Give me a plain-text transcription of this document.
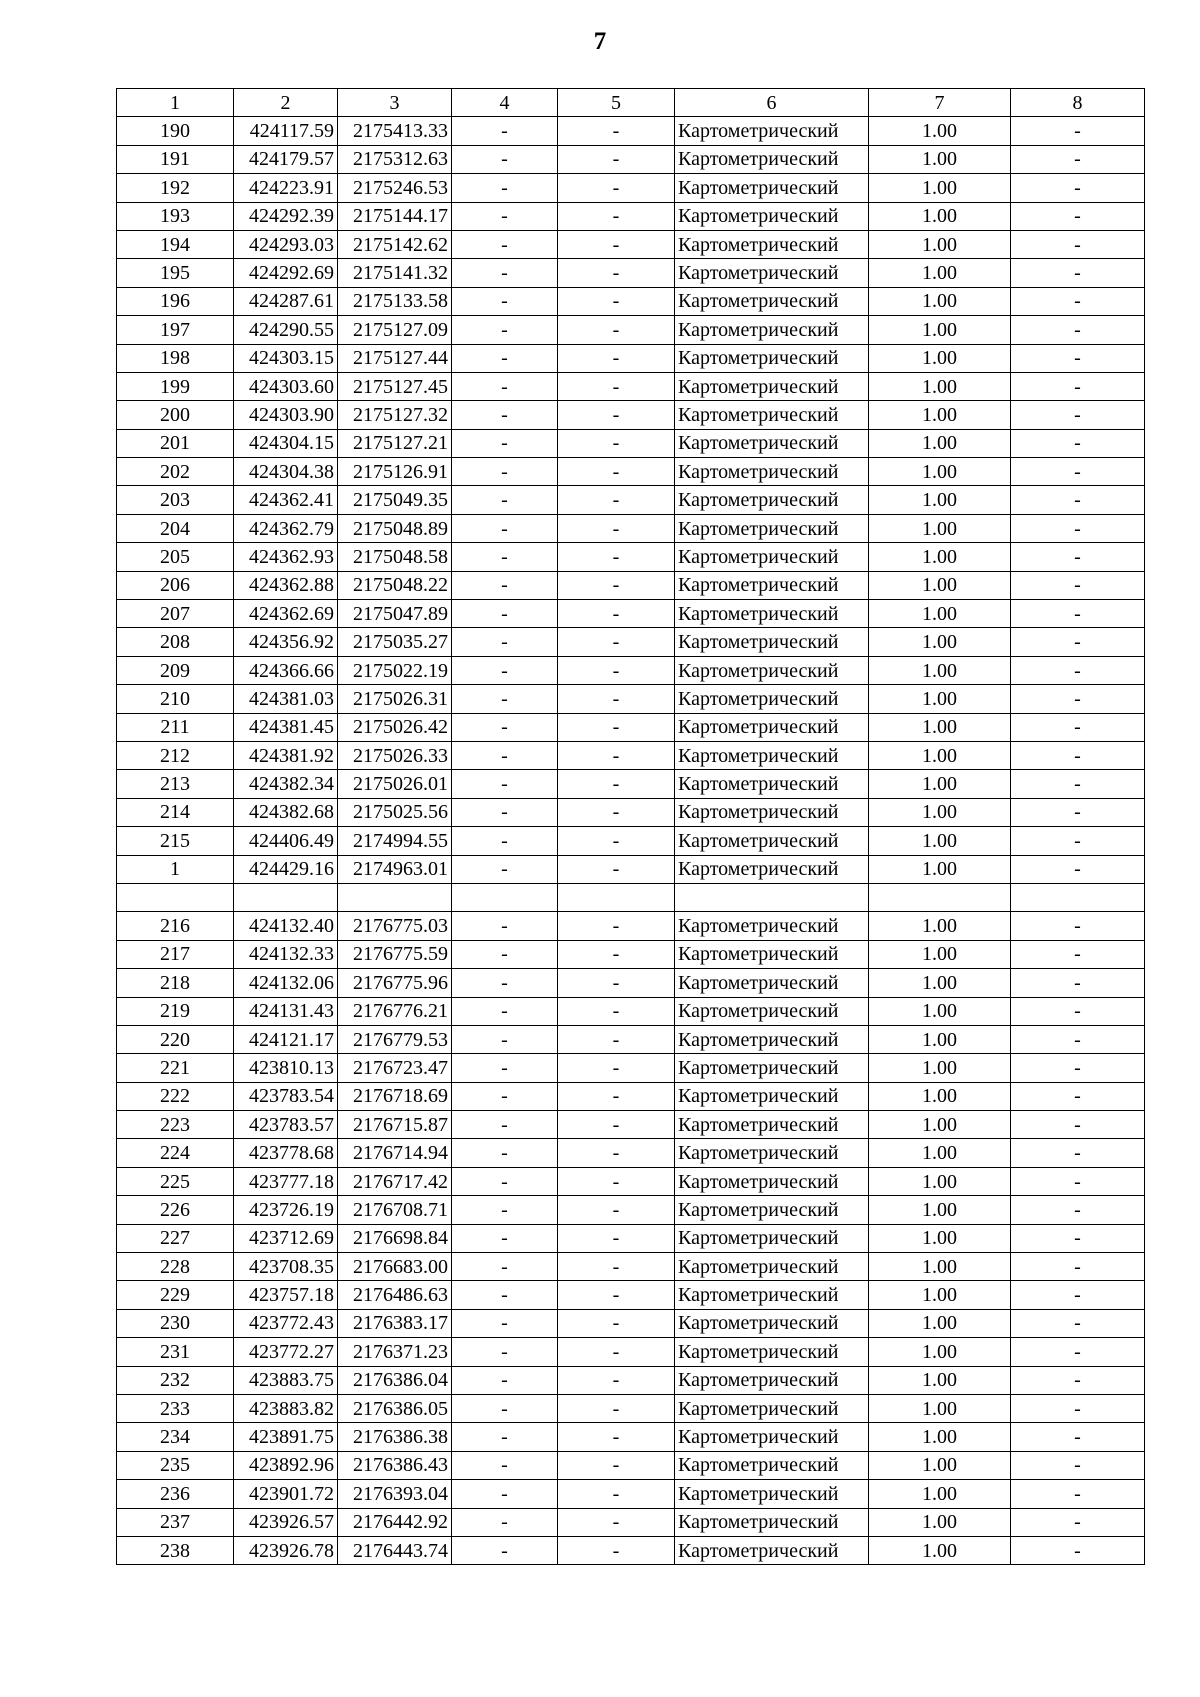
7
1	2	3	4	5	6	7	8
190	424117.59	2175413.33	-	-	Картометрический	1.00	-
191	424179.57	2175312.63	-	-	Картометрический	1.00	-
192	424223.91	2175246.53	-	-	Картометрический	1.00	-
193	424292.39	2175144.17	-	-	Картометрический	1.00	-
194	424293.03	2175142.62	-	-	Картометрический	1.00	-
195	424292.69	2175141.32	-	-	Картометрический	1.00	-
196	424287.61	2175133.58	-	-	Картометрический	1.00	-
197	424290.55	2175127.09	-	-	Картометрический	1.00	-
198	424303.15	2175127.44	-	-	Картометрический	1.00	-
199	424303.60	2175127.45	-	-	Картометрический	1.00	-
200	424303.90	2175127.32	-	-	Картометрический	1.00	-
201	424304.15	2175127.21	-	-	Картометрический	1.00	-
202	424304.38	2175126.91	-	-	Картометрический	1.00	-
203	424362.41	2175049.35	-	-	Картометрический	1.00	-
204	424362.79	2175048.89	-	-	Картометрический	1.00	-
205	424362.93	2175048.58	-	-	Картометрический	1.00	-
206	424362.88	2175048.22	-	-	Картометрический	1.00	-
207	424362.69	2175047.89	-	-	Картометрический	1.00	-
208	424356.92	2175035.27	-	-	Картометрический	1.00	-
209	424366.66	2175022.19	-	-	Картометрический	1.00	-
210	424381.03	2175026.31	-	-	Картометрический	1.00	-
211	424381.45	2175026.42	-	-	Картометрический	1.00	-
212	424381.92	2175026.33	-	-	Картометрический	1.00	-
213	424382.34	2175026.01	-	-	Картометрический	1.00	-
214	424382.68	2175025.56	-	-	Картометрический	1.00	-
215	424406.49	2174994.55	-	-	Картометрический	1.00	-
1	424429.16	2174963.01	-	-	Картометрический	1.00	-

216	424132.40	2176775.03	-	-	Картометрический	1.00	-
217	424132.33	2176775.59	-	-	Картометрический	1.00	-
218	424132.06	2176775.96	-	-	Картометрический	1.00	-
219	424131.43	2176776.21	-	-	Картометрический	1.00	-
220	424121.17	2176779.53	-	-	Картометрический	1.00	-
221	423810.13	2176723.47	-	-	Картометрический	1.00	-
222	423783.54	2176718.69	-	-	Картометрический	1.00	-
223	423783.57	2176715.87	-	-	Картометрический	1.00	-
224	423778.68	2176714.94	-	-	Картометрический	1.00	-
225	423777.18	2176717.42	-	-	Картометрический	1.00	-
226	423726.19	2176708.71	-	-	Картометрический	1.00	-
227	423712.69	2176698.84	-	-	Картометрический	1.00	-
228	423708.35	2176683.00	-	-	Картометрический	1.00	-
229	423757.18	2176486.63	-	-	Картометрический	1.00	-
230	423772.43	2176383.17	-	-	Картометрический	1.00	-
231	423772.27	2176371.23	-	-	Картометрический	1.00	-
232	423883.75	2176386.04	-	-	Картометрический	1.00	-
233	423883.82	2176386.05	-	-	Картометрический	1.00	-
234	423891.75	2176386.38	-	-	Картометрический	1.00	-
235	423892.96	2176386.43	-	-	Картометрический	1.00	-
236	423901.72	2176393.04	-	-	Картометрический	1.00	-
237	423926.57	2176442.92	-	-	Картометрический	1.00	-
238	423926.78	2176443.74	-	-	Картометрический	1.00	-
